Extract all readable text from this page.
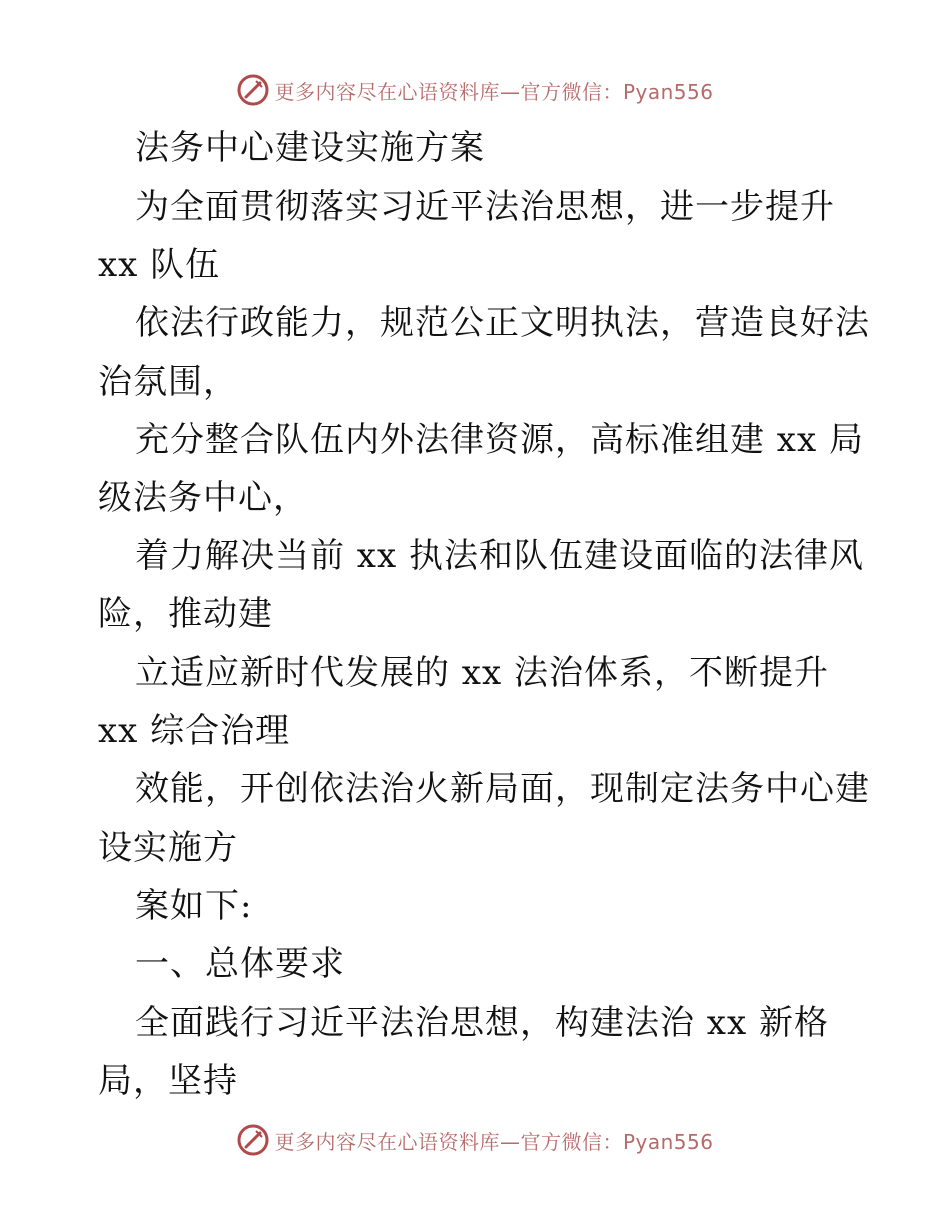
更多内容尽在心语资料库—官方微信：Pyan556
法务中心建设实施方案
为全面贯彻落实习近平法治思想，进一步提升
xx 队伍
依法行政能力，规范公正文明执法，营造良好法
治氛围，
充分整合队伍内外法律资源，高标准组建 xx 局
级法务中心，
着力解决当前 xx 执法和队伍建设面临的法律风
险，推动建
立适应新时代发展的 xx 法治体系，不断提升
xx 综合治理
效能，开创依法治火新局面，现制定法务中心建
设实施方
案如下:
一、总体要求
全面践行习近平法治思想，构建法治 xx 新格
局，坚持
更多内容尽在心语资料库—官方微信：Pyan556
